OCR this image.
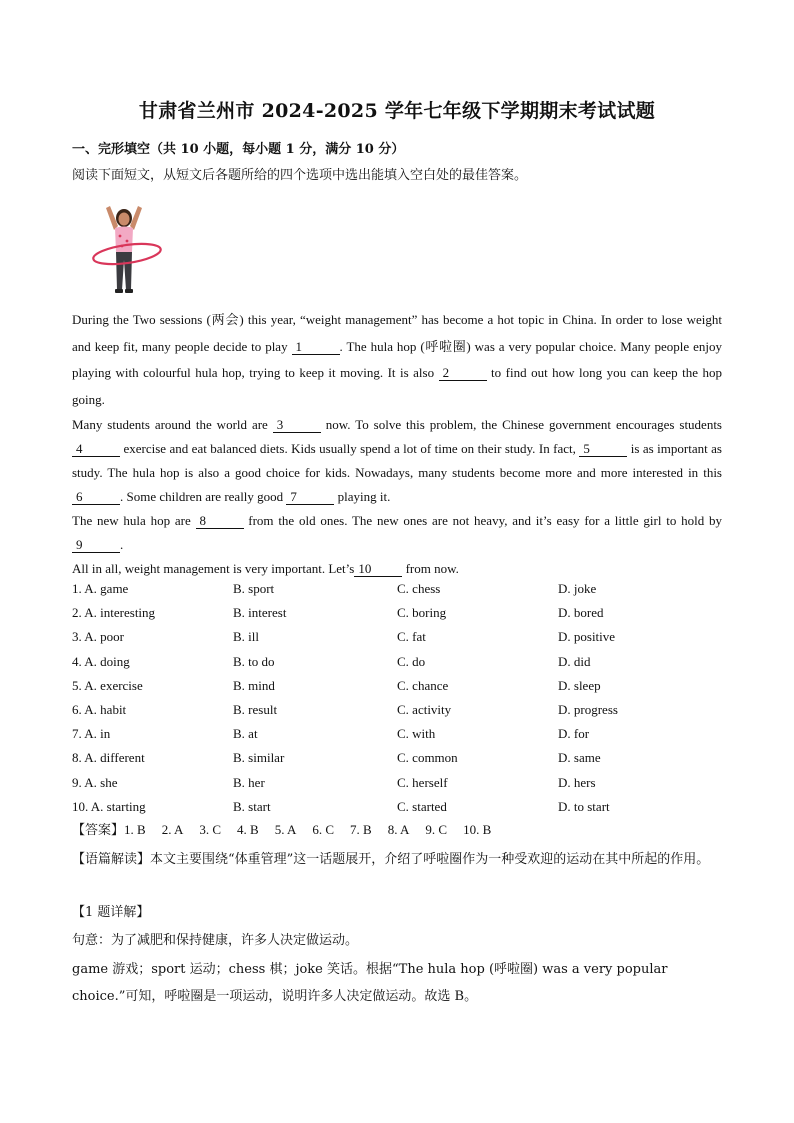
甘肃省兰州市 2024-2025 学年七年级下学期期末考试试题
一、完形填空（共 10 小题，每小题 1 分，满分 10 分）
阅读下面短文，从短文后各题所给的四个选项中选出能填入空白处的最佳答案。

During the Two sessions (两会) this year, “weight management” has become a hot topic in China. In order to lose weight and keep fit, many people decide to play 1	. The hula hop (呼啦圈) was a very popular choice. Many people enjoy playing with colourful hula hop, trying to keep it moving. It is also 2	to find out how long you can keep the hop going.

Many students around the world are 3	now. To solve this problem, the Chinese government encourages students 4	exercise and eat balanced diets. Kids usually spend a lot of time on their study. In fact, 5	is as important as study. The hula hop is also a good choice for kids. Nowadays, many students become more and more interested in this6	. Some children are really good 7	playing it.

The new hula hop are 8	from the old ones. The new ones are not heavy, and it’s easy for a little girl to hold by 9	.

All in all, weight management is very important. Let’s 10 from now.

1. A. game	B. sport	C. chess	D. joke
2. A. interesting	B. interest	C. boring	D. bored
3. A. poor	B. ill	C. fat	D. positive
4. A. doing	B. to do	C. do	D. did
5. A. exercise	B. mind	C. chance	D. sleep
6. A. habit	B. result	C. activity	D. progress
7. A. in	B. at	C. with	D. for
8. A. different	B. similar	C. common	D. same
9. A. she	B. her	C. herself	D. hers
10. A. starting	B. start	C. started	D. to start
【答案】1. B 2. A 3. C 4. B 5. A 6. C 7. B 8. A 9. C 10. B
【语篇解读】本文主要围绕“体重管理”这一话题展开，介绍了呼啦圈作为一种受欢迎的运动在其中所起的作用。
【1 题详解】
句意：为了减肥和保持健康，许多人决定做运动。
game 游戏；sport 运动；chess 棋；joke 笑话。根据“The hula hop (呼啦圈) was a very popular choice.”可知，呼啦圈是一项运动，说明许多人决定做运动。故选 B。
